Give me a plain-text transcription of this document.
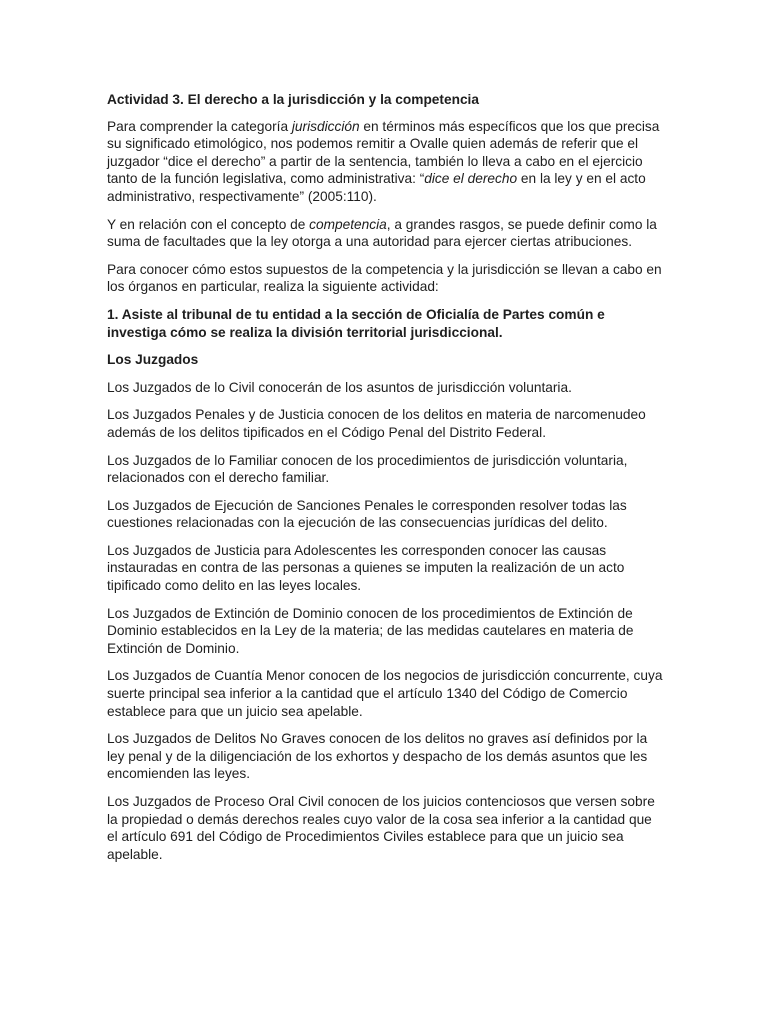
Actividad 3. El derecho a la jurisdicción y la competencia

Para comprender la categoría jurisdicción en términos más específicos que los que precisa su significado etimológico, nos podemos remitir a Ovalle quien además de referir que el juzgador “dice el derecho” a partir de la sentencia, también lo lleva a cabo en el ejercicio tanto de la función legislativa, como administrativa: “dice el derecho en la ley y en el acto administrativo, respectivamente” (2005:110).

Y en relación con el concepto de competencia, a grandes rasgos, se puede definir como la suma de facultades que la ley otorga a una autoridad para ejercer ciertas atribuciones.

Para conocer cómo estos supuestos de la competencia y la jurisdicción se llevan a cabo en los órganos en particular, realiza la siguiente actividad:

1. Asiste al tribunal de tu entidad a la sección de Oficialía de Partes común e investiga cómo se realiza la división territorial jurisdiccional.

Los Juzgados

Los Juzgados de lo Civil conocerán de los asuntos de jurisdicción voluntaria.

Los Juzgados Penales y de Justicia conocen de los delitos en materia de narcomenudeo además de los delitos tipificados en el Código Penal del Distrito Federal.

Los Juzgados de lo Familiar conocen de los procedimientos de jurisdicción voluntaria, relacionados con el derecho familiar.

Los Juzgados de Ejecución de Sanciones Penales le corresponden resolver todas las cuestiones relacionadas con la ejecución de las consecuencias jurídicas del delito.

Los Juzgados de Justicia para Adolescentes les corresponden conocer las causas instauradas en contra de las personas a quienes se imputen la realización de un acto tipificado como delito en las leyes locales.

Los Juzgados de Extinción de Dominio conocen de los procedimientos de Extinción de Dominio establecidos en la Ley de la materia; de las medidas cautelares en materia de Extinción de Dominio.

Los Juzgados de Cuantía Menor conocen de los negocios de jurisdicción concurrente, cuya suerte principal sea inferior a la cantidad que el artículo 1340 del Código de Comercio establece para que un juicio sea apelable.

Los Juzgados de Delitos No Graves conocen de los delitos no graves así definidos por la ley penal y de la diligenciación de los exhortos y despacho de los demás asuntos que les encomienden las leyes.

Los Juzgados de Proceso Oral Civil conocen de los juicios contenciosos que versen sobre la propiedad o demás derechos reales cuyo valor de la cosa sea inferior a la cantidad que el artículo 691 del Código de Procedimientos Civiles establece para que un juicio sea apelable.
